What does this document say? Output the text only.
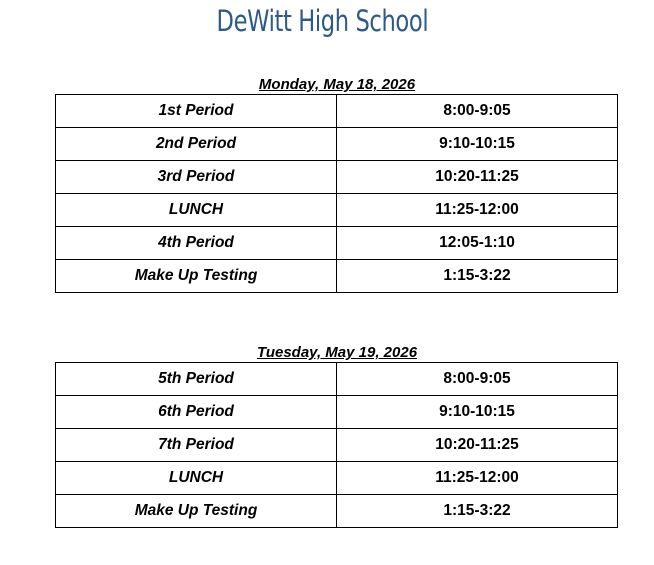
DeWitt High School
Monday, May 18, 2026
1st Period	8:00-9:05
2nd Period	9:10-10:15
3rd Period	10:20-11:25
LUNCH	11:25-12:00
4th Period	12:05-1:10
Make Up Testing	1:15-3:22
Tuesday, May 19, 2026
5th Period	8:00-9:05
6th Period	9:10-10:15
7th Period	10:20-11:25
LUNCH	11:25-12:00
Make Up Testing	1:15-3:22
